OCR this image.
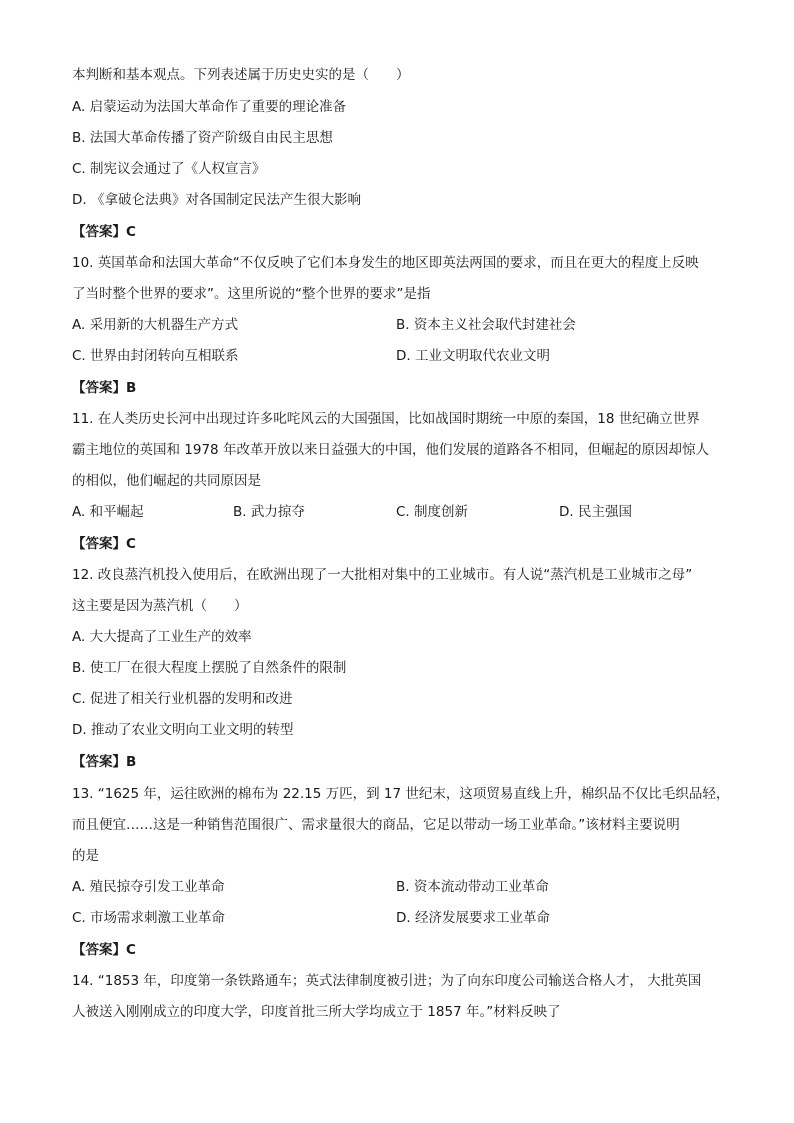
本判断和基本观点。下列表述属于历史史实的是（　　）
A. 启蒙运动为法国大革命作了重要的理论准备
B. 法国大革命传播了资产阶级自由民主思想
C. 制宪议会通过了《人权宣言》
D. 《拿破仑法典》对各国制定民法产生很大影响
【答案】C
10. 英国革命和法国大革命“不仅反映了它们本身发生的地区即英法两国的要求，而且在更大的程度上反映
了当时整个世界的要求”。这里所说的“整个世界的要求”是指
A. 采用新的大机器生产方式	B. 资本主义社会取代封建社会
C. 世界由封闭转向互相联系	D. 工业文明取代农业文明
【答案】B
11. 在人类历史长河中出现过许多叱咤风云的大国强国，比如战国时期统一中原的秦国，18 世纪确立世界
霸主地位的英国和 1978 年改革开放以来日益强大的中国，他们发展的道路各不相同，但崛起的原因却惊人
的相似，他们崛起的共同原因是
A. 和平崛起	B. 武力掠夺	C. 制度创新	D. 民主强国
【答案】C
12. 改良蒸汽机投入使用后，在欧洲出现了一大批相对集中的工业城市。有人说“蒸汽机是工业城市之母”
这主要是因为蒸汽机（　　）
A. 大大提高了工业生产的效率
B. 使工厂在很大程度上摆脱了自然条件的限制
C. 促进了相关行业机器的发明和改进
D. 推动了农业文明向工业文明的转型
【答案】B
13. “1625 年，运往欧洲的棉布为 22.15 万匹，到 17 世纪末，这项贸易直线上升，棉织品不仅比毛织品轻，
而且便宜……这是一种销售范围很广、需求量很大的商品，它足以带动一场工业革命。”该材料主要说明
的是
A. 殖民掠夺引发工业革命	B. 资本流动带动工业革命
C. 市场需求刺激工业革命	D. 经济发展要求工业革命
【答案】C
14. “1853 年，印度第一条铁路通车；英式法律制度被引进；为了向东印度公司输送合格人才， 大批英国
人被送入刚刚成立的印度大学，印度首批三所大学均成立于 1857 年。”材料反映了
